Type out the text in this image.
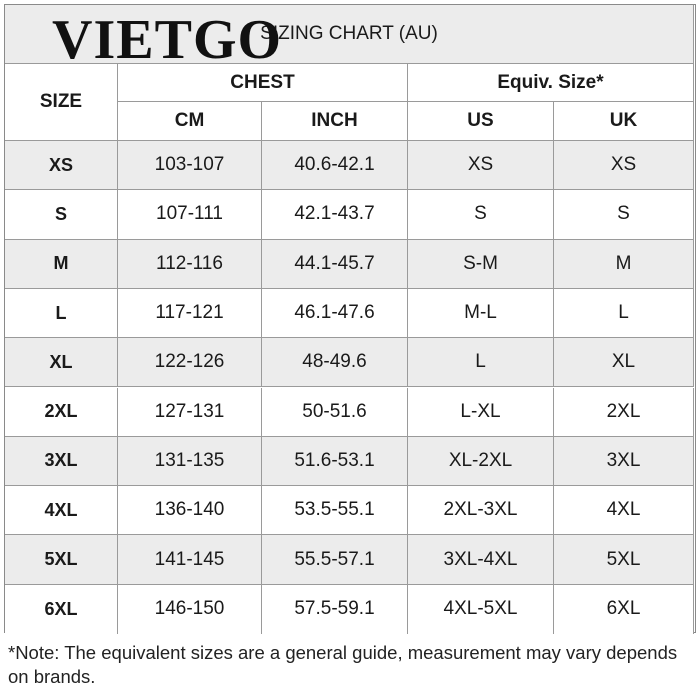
SIZING CHART (AU)
SIZE
CHEST	Equiv. Size*
CM	INCH	US	UK
XS	103-107	40.6-42.1	XS	XS
S	107-111	42.1-43.7	S	S
M	112-116	44.1-45.7	S-M	M
L	117-121	46.1-47.6	M-L	L
XL	122-126	48-49.6	L	XL
2XL	127-131	50-51.6	L-XL	2XL
3XL	131-135	51.6-53.1	XL-2XL	3XL
4XL	136-140	53.5-55.1	2XL-3XL	4XL
5XL	141-145	55.5-57.1	3XL-4XL	5XL
6XL	146-150	57.5-59.1	4XL-5XL	6XL
VIETGO
*Note: The equivalent sizes are a general guide, measurement may vary depends on brands.
